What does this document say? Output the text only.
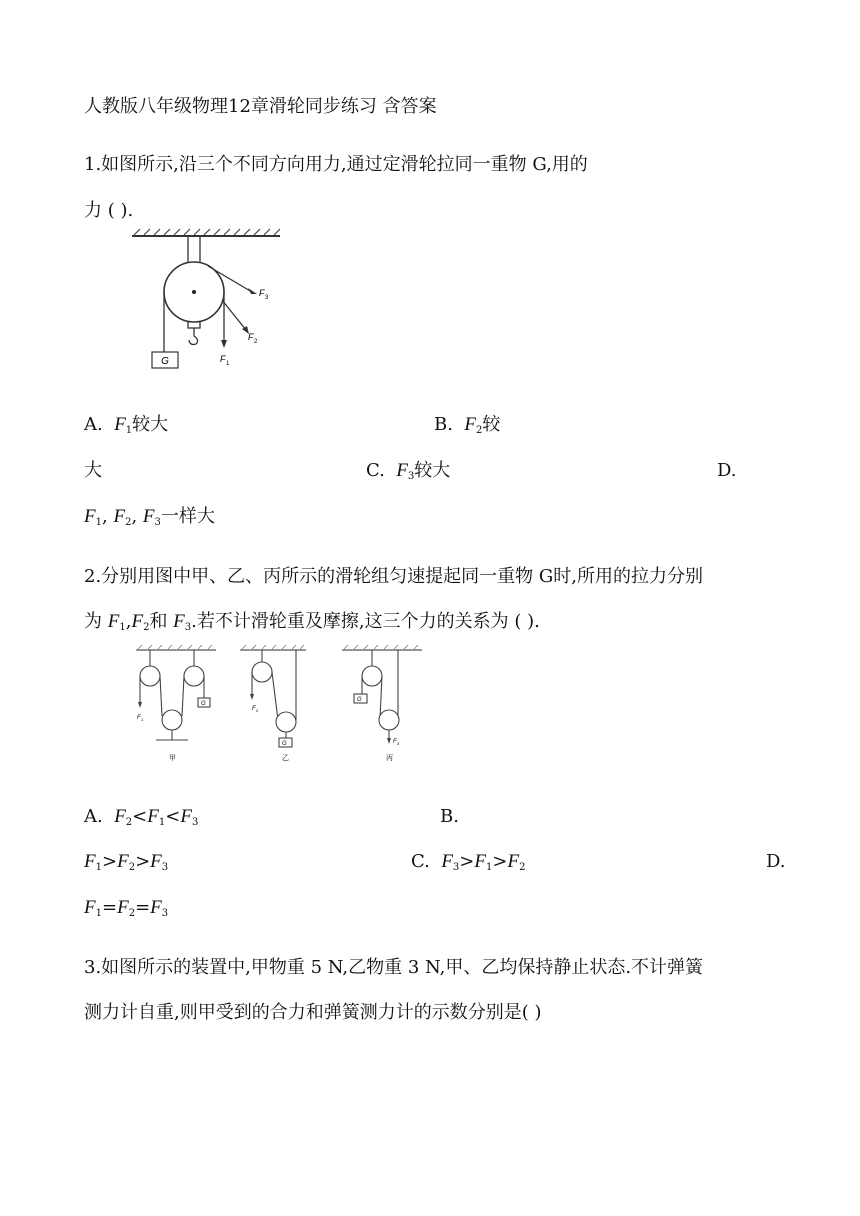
人教版八年级物理12章滑轮同步练习 含答案
1.如图所示,沿三个不同方向用力,通过定滑轮拉同一重物 G,用的
力 ( ).
G	F 1
F 2
F 3
A. $F_1$较大	B. $F_2$较
大	C. $F_3$较大	D.
$F_1$, $F_2$, $F_3$一样大
2.分别用图中甲、乙、丙所示的滑轮组匀速提起同一重物 G时,所用的拉力分别
为 $F_1,F_2$和 $F_3$.若不计滑轮重及摩擦,这三个力的关系为 ( ).
F 1
G
甲
F 2
G
乙
F 3
G
丙
A. $F_2<F_1<F_3$	B.
$F_1>F_2>F_3$	C. $F_3>F_1>F_2$	D.
$F_1=F_2=F_3$
3.如图所示的装置中,甲物重 5 N,乙物重 3 N,甲、乙均保持静止状态.不计弹簧
测力计自重,则甲受到的合力和弹簧测力计的示数分别是( )
